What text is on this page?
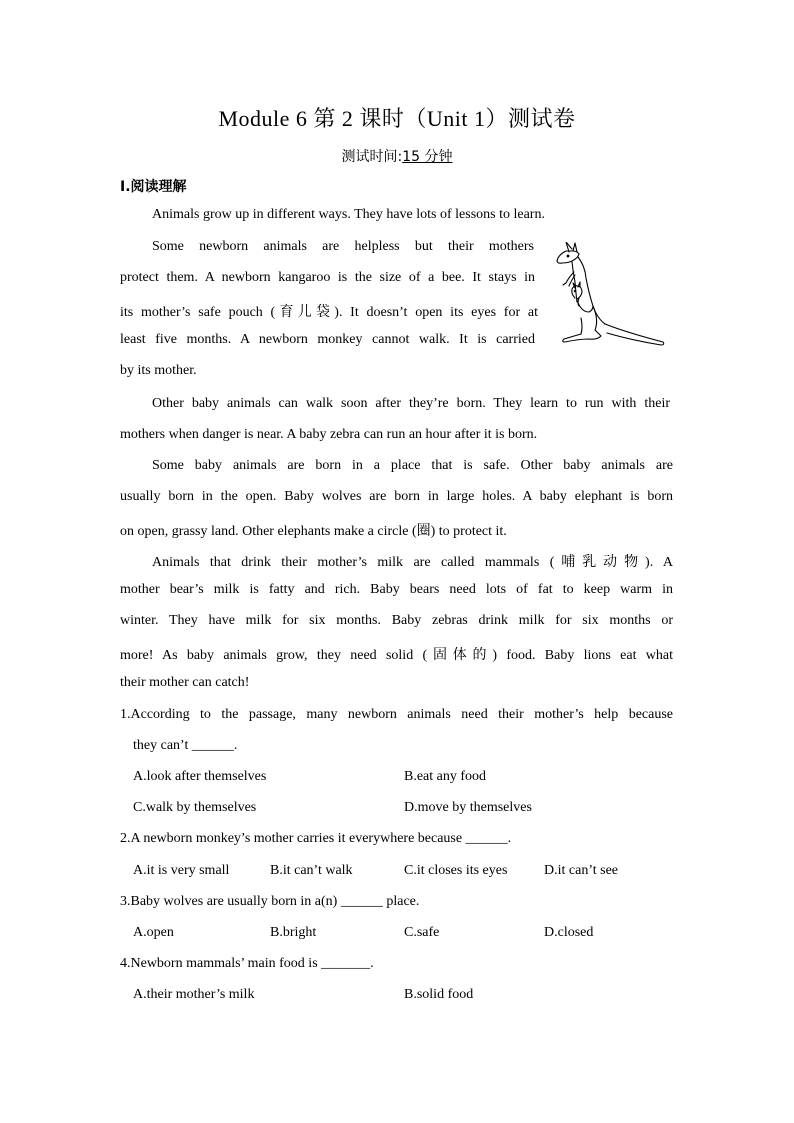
Module 6 第 2 课时（Unit 1）测试卷
测试时间:15 分钟
Ⅰ.阅读理解
Animals grow up in different ways. They have lots of lessons to learn.
Some newborn animals are helpless but their mothers
protect them. A newborn kangaroo is the size of a bee. It stays in
its mother’s safe pouch (育儿袋). It doesn’t open its eyes for at
least five months. A newborn monkey cannot walk. It is carried
by its mother.
Other baby animals can walk soon after they’re born. They learn to run with their
mothers when danger is near. A baby zebra can run an hour after it is born.
Some baby animals are born in a place that is safe. Other baby animals are
usually born in the open. Baby wolves are born in large holes. A baby elephant is born
on open, grassy land. Other elephants make a circle (圈) to protect it.
Animals that drink their mother’s milk are called mammals (哺乳动物). A
mother bear’s milk is fatty and rich. Baby bears need lots of fat to keep warm in
winter. They have milk for six months. Baby zebras drink milk for six months or
more! As baby animals grow, they need solid (固体的) food. Baby lions eat what
their mother can catch!
1.According to the passage, many newborn animals need their mother’s help because
they can’t ______.
A.look after themselves	B.eat any food
C.walk by themselves	D.move by themselves
2.A newborn monkey’s mother carries it everywhere because ______.
A.it is very small	B.it can’t walk	C.it closes its eyes	D.it can’t see
3.Baby wolves are usually born in a(n) ______ place.
A.open	B.bright	C.safe	D.closed
4.Newborn mammals’ main food is _______.
A.their mother’s milk	B.solid food
